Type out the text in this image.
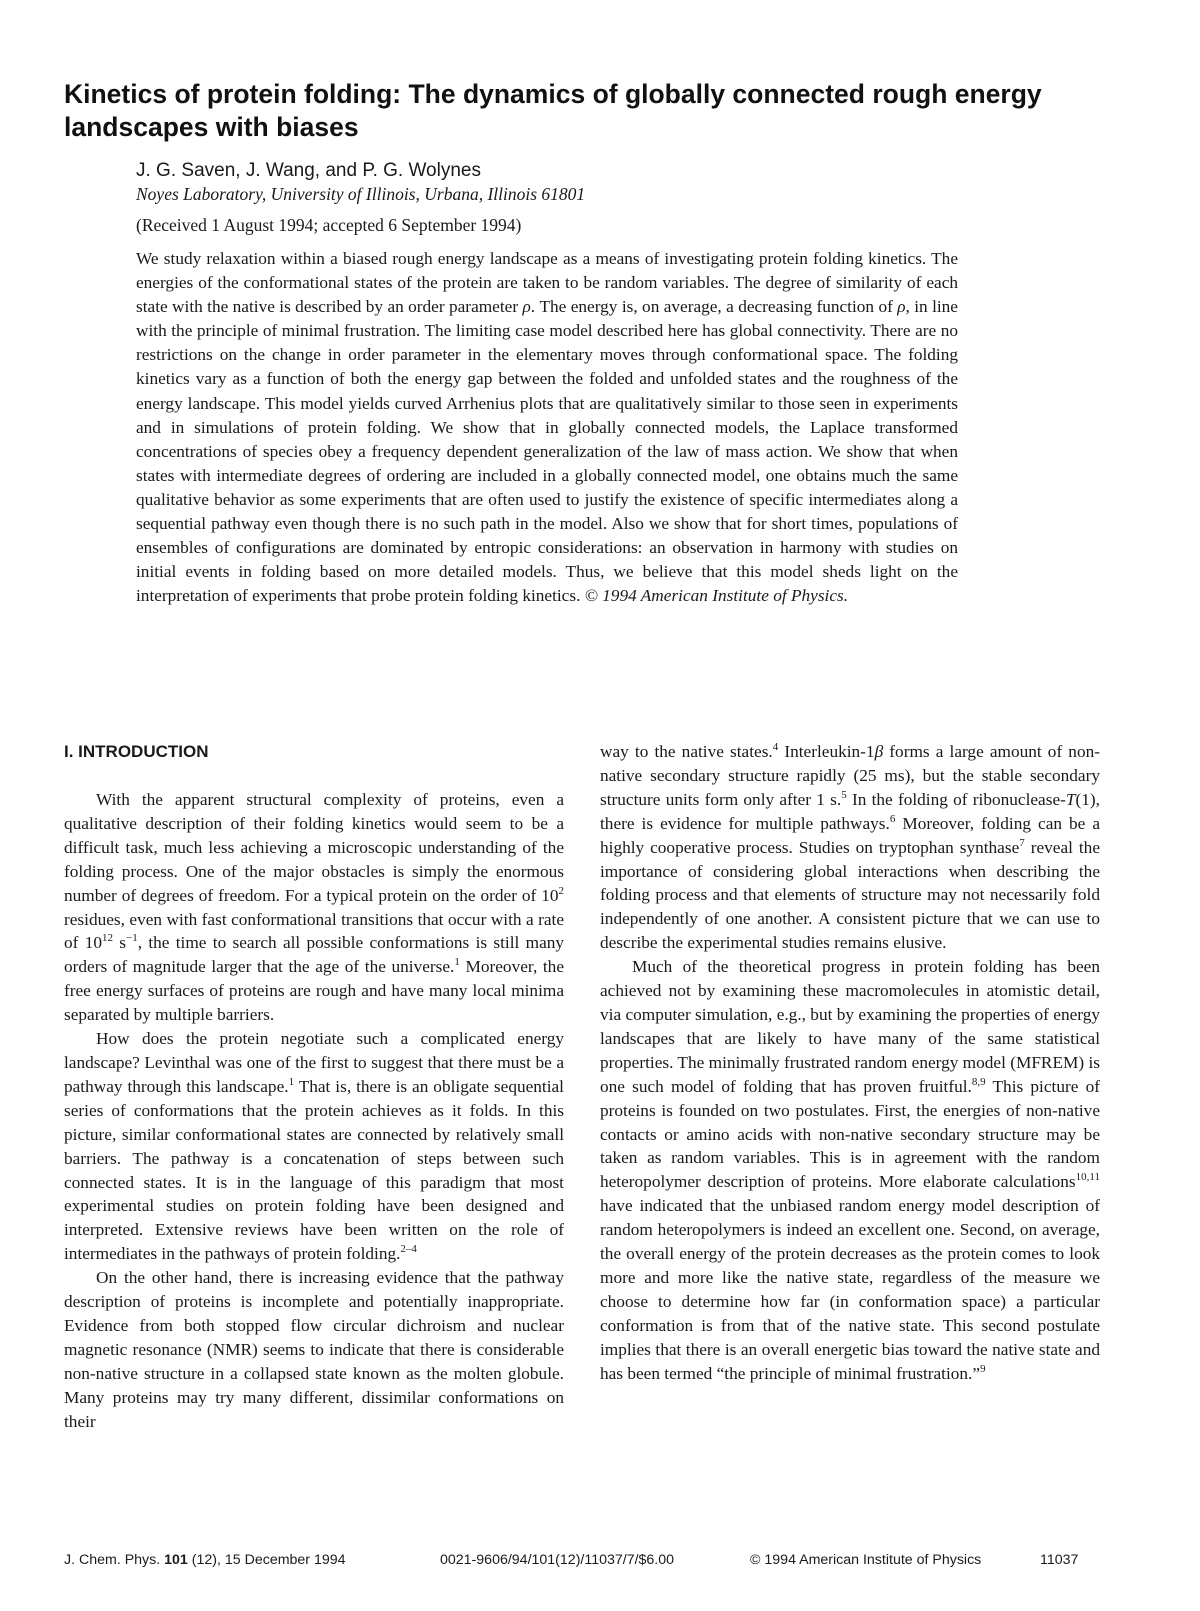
Kinetics of protein folding: The dynamics of globally connected rough energy landscapes with biases
J. G. Saven, J. Wang, and P. G. Wolynes
Noyes Laboratory, University of Illinois, Urbana, Illinois 61801
(Received 1 August 1994; accepted 6 September 1994)

We study relaxation within a biased rough energy landscape as a means of investigating protein folding kinetics. The energies of the conformational states of the protein are taken to be random variables. The degree of similarity of each state with the native is described by an order parameter ρ. The energy is, on average, a decreasing function of ρ, in line with the principle of minimal frustration. The limiting case model described here has global connectivity. There are no restrictions on the change in order parameter in the elementary moves through conformational space. The folding kinetics vary as a function of both the energy gap between the folded and unfolded states and the roughness of the energy landscape. This model yields curved Arrhenius plots that are qualitatively similar to those seen in experiments and in simulations of protein folding. We show that in globally connected models, the Laplace transformed concentrations of species obey a frequency dependent generalization of the law of mass action. We show that when states with intermediate degrees of ordering are included in a globally connected model, one obtains much the same qualitative behavior as some experiments that are often used to justify the existence of specific intermediates along a sequential pathway even though there is no such path in the model. Also we show that for short times, populations of ensembles of configurations are dominated by entropic considerations: an observation in harmony with studies on initial events in folding based on more detailed models. Thus, we believe that this model sheds light on the interpretation of experiments that probe protein folding kinetics. © 1994 American Institute of Physics.

I. INTRODUCTION

With the apparent structural complexity of proteins, even a qualitative description of their folding kinetics would seem to be a difficult task, much less achieving a microscopic understanding of the folding process. One of the major obstacles is simply the enormous number of degrees of freedom. For a typical protein on the order of $10^2$ residues, even with fast conformational transitions that occur with a rate of $10^{12}$ $s^{-1}$, the time to search all possible conformations is still many orders of magnitude larger that the age of the universe.$^1$ Moreover, the free energy surfaces of proteins are rough and have many local minima separated by multiple barriers.

How does the protein negotiate such a complicated energy landscape? Levinthal was one of the first to suggest that there must be a pathway through this landscape.$^1$ That is, there is an obligate sequential series of conformations that the protein achieves as it folds. In this picture, similar conformational states are connected by relatively small barriers. The pathway is a concatenation of steps between such connected states. It is in the language of this paradigm that most experimental studies on protein folding have been designed and interpreted. Extensive reviews have been written on the role of intermediates in the pathways of protein folding.$^{2-4}$

On the other hand, there is increasing evidence that the pathway description of proteins is incomplete and potentially inappropriate. Evidence from both stopped flow circular dichroism and nuclear magnetic resonance (NMR) seems to indicate that there is considerable non-native structure in a collapsed state known as the molten globule. Many proteins may try many different, dissimilar conformations on their

way to the native states.$^4$ Interleukin-1β forms a large amount of non-native secondary structure rapidly (25 ms), but the stable secondary structure units form only after 1 s.$^5$ In the folding of ribonuclease-T(1), there is evidence for multiple pathways.$^6$ Moreover, folding can be a highly cooperative process. Studies on tryptophan synthase$^7$ reveal the importance of considering global interactions when describing the folding process and that elements of structure may not necessarily fold independently of one another. A consistent picture that we can use to describe the experimental studies remains elusive.

Much of the theoretical progress in protein folding has been achieved not by examining these macromolecules in atomistic detail, via computer simulation, e.g., but by examining the properties of energy landscapes that are likely to have many of the same statistical properties. The minimally frustrated random energy model (MFREM) is one such model of folding that has proven fruitful.$^{8,9}$ This picture of proteins is founded on two postulates. First, the energies of non-native contacts or amino acids with non-native secondary structure may be taken as random variables. This is in agreement with the random heteropolymer description of proteins. More elaborate calculations$^{10,11}$ have indicated that the unbiased random energy model description of random heteropolymers is indeed an excellent one. Second, on average, the overall energy of the protein decreases as the protein comes to look more and more like the native state, regardless of the measure we choose to determine how far (in conformation space) a particular conformation is from that of the native state. This second postulate implies that there is an overall energetic bias toward the native state and has been termed “the principle of minimal frustration.”$^9$

J. Chem. Phys. 101 (12), 15 December 1994	0021-9606/94/101(12)/11037/7/$6.00	© 1994 American Institute of Physics	11037
